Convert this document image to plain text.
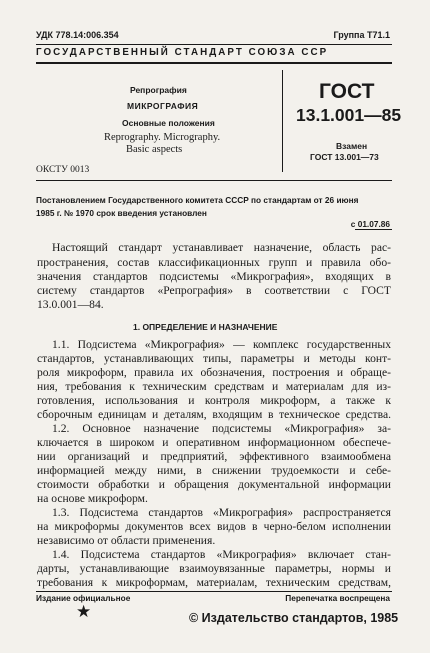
УДК 778.14:006.354	Группа Т71.1
ГОСУДАРСТВЕННЫЙ СТАНДАРТ СОЮЗА ССР
Репрография
МИКРОГРАФИЯ
Основные положения
Reprography. Micrography.
Basic aspects
ГОСТ
13.1.001—85
Взамен
ГОСТ 13.001—73
ОКСТУ 0013
Постановлением Государственного комитета СССР по стандартам от 26 июня
1985 г. № 1970 срок введения установлен
с 01.07.86
Настоящий стандарт устанавливает назначение, область рас-
пространения, состав классификационных групп и правила обо-
значения стандартов подсистемы «Микрография», входящих в
систему стандартов «Репрография» в соответствии с ГОСТ
13.0.001—84.
1. ОПРЕДЕЛЕНИЕ И НАЗНАЧЕНИЕ
1.1. Подсистема «Микрография» — комплекс государственных
стандартов, устанавливающих типы, параметры и методы конт-
роля микроформ, правила их обозначения, построения и обраще-
ния, требования к техническим средствам и материалам для из-
готовления, использования и контроля микроформ, а также к
сборочным единицам и деталям, входящим в техническое средства.
1.2. Основное назначение подсистемы «Микрография» за-
ключается в широком и оперативном информационном обеспече-
нии организаций и предприятий, эффективного взаимообмена
информацией между ними, в снижении трудоемкости и себе-
стоимости обработки и обращения документальной информации
на основе микроформ.
1.3. Подсистема стандартов «Микрография» распространяется
на микроформы документов всех видов в черно-белом исполнении
независимо от области применения.
1.4. Подсистема стандартов «Микрография» включает стан-
дарты, устанавливающие взаимоувязанные параметры, нормы и
требования к микроформам, материалам, техническим средствам,
Издание официальное	Перепечатка воспрещена
★	© Издательство стандартов, 1985
